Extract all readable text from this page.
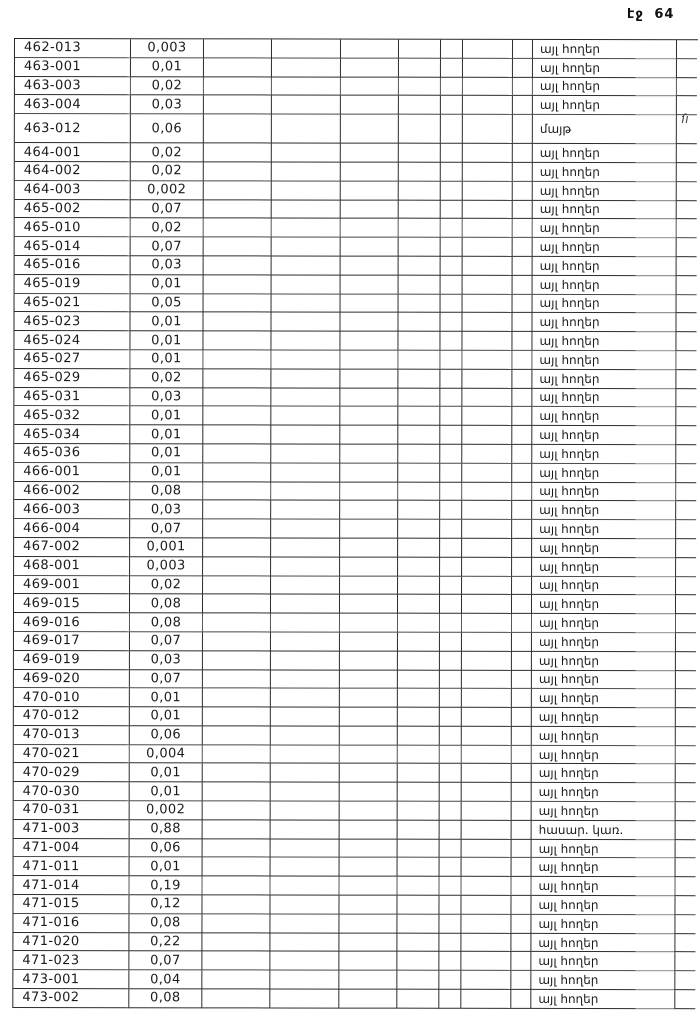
էջ 64
ſı
462-013	0,003	այլ հողեր
463-001	0,01	այլ հողեր
463-003	0,02	այլ հողեր
463-004	0,03	այլ հողեր
463-012	0,06	մայթ
464-001	0,02	այլ հողեր
464-002	0,02	այլ հողեր
464-003	0,002	այլ հողեր
465-002	0,07	այլ հողեր
465-010	0,02	այլ հողեր
465-014	0,07	այլ հողեր
465-016	0,03	այլ հողեր
465-019	0,01	այլ հողեր
465-021	0,05	այլ հողեր
465-023	0,01	այլ հողեր
465-024	0,01	այլ հողեր
465-027	0,01	այլ հողեր
465-029	0,02	այլ հողեր
465-031	0,03	այլ հողեր
465-032	0,01	այլ հողեր
465-034	0,01	այլ հողեր
465-036	0,01	այլ հողեր
466-001	0,01	այլ հողեր
466-002	0,08	այլ հողեր
466-003	0,03	այլ հողեր
466-004	0,07	այլ հողեր
467-002	0,001	այլ հողեր
468-001	0,003	այլ հողեր
469-001	0,02	այլ հողեր
469-015	0,08	այլ հողեր
469-016	0,08	այլ հողեր
469-017	0,07	այլ հողեր
469-019	0,03	այլ հողեր
469-020	0,07	այլ հողեր
470-010	0,01	այլ հողեր
470-012	0,01	այլ հողեր
470-013	0,06	այլ հողեր
470-021	0,004	այլ հողեր
470-029	0,01	այլ հողեր
470-030	0,01	այլ հողեր
470-031	0,002	այլ հողեր
471-003	0,88	հասար. կառ.
471-004	0,06	այլ հողեր
471-011	0,01	այլ հողեր
471-014	0,19	այլ հողեր
471-015	0,12	այլ հողեր
471-016	0,08	այլ հողեր
471-020	0,22	այլ հողեր
471-023	0,07	այլ հողեր
473-001	0,04	այլ հողեր
473-002	0,08	այլ հողեր
